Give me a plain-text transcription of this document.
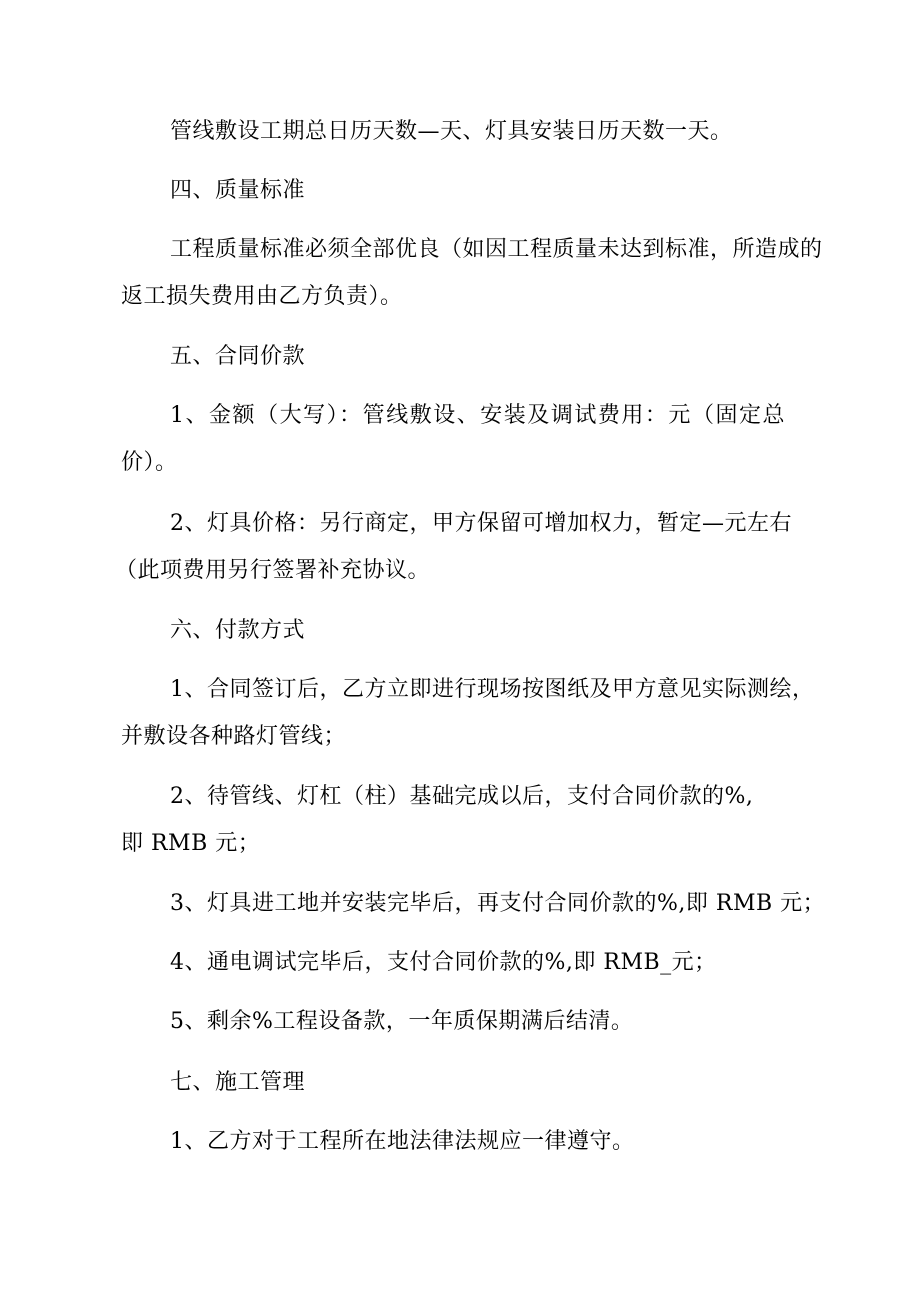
管线敷设工期总日历天数—天、灯具安装日历天数一天。
四、质量标准
工程质量标准必须全部优良（如因工程质量未达到标准，所造成的
返工损失费用由乙方负责）。
五、合同价款
1、金额（大写）：管线敷设、安装及调试费用：元（固定总
价）。
2、灯具价格：另行商定，甲方保留可增加权力，暂定—元左右
（此项费用另行签署补充协议。
六、付款方式
1、合同签订后，乙方立即进行现场按图纸及甲方意见实际测绘，
并敷设各种路灯管线；
2、待管线、灯杠（柱）基础完成以后，支付合同价款的%,
即 RMB 元；
3、灯具进工地并安装完毕后，再支付合同价款的%,即 RMB 元；
4、通电调试完毕后，支付合同价款的%,即 RMB_元；
5、剩余%工程设备款，一年质保期满后结清。
七、施工管理
1、乙方对于工程所在地法律法规应一律遵守。
